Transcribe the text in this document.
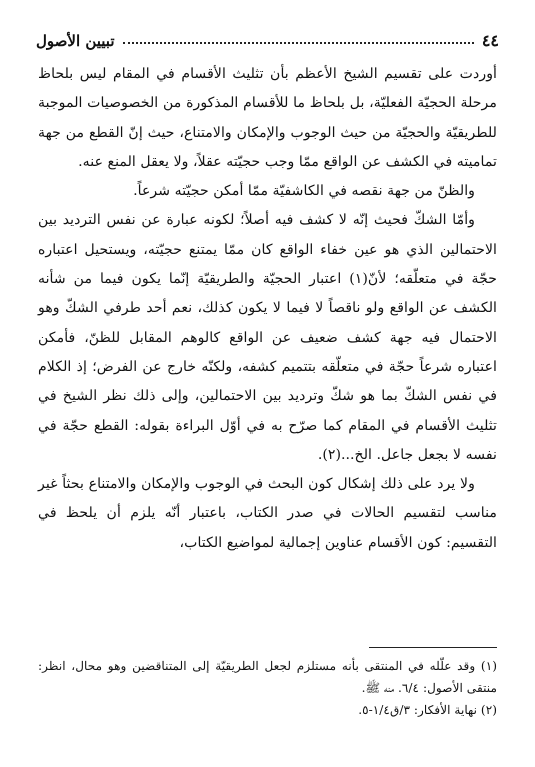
٤٤
تبيين الأصول

أوردت على تقسيم الشيخ الأعظم بأن تثليث الأقسام في المقام ليس بلحاظ مرحلة الحجيّة الفعليّة، بل بلحاظ ما للأقسام المذكورة من الخصوصيات الموجبة للطريقيّة والحجيّة من حيث الوجوب والإمكان والامتناع، حيث إنّ القطع من جهة تماميته في الكشف عن الواقع ممّا وجب حجيّته عقلاً، ولا يعقل المنع عنه.

والظنّ من جهة نقصه في الكاشفيّة ممّا أمكن حجيّته شرعاً.

وأمّا الشكّ فحيث إنّه لا كشف فيه أصلاً؛ لكونه عبارة عن نفس الترديد بين الاحتمالين الذي هو عين خفاء الواقع كان ممّا يمتنع حجيّته، ويستحيل اعتباره حجّة في متعلّقه؛ لأنّ(١) اعتبار الحجيّة والطريقيّة إنّما يكون فيما من شأنه الكشف عن الواقع ولو ناقصاً لا فيما لا يكون كذلك، نعم أحد طرفي الشكّ وهو الاحتمال فيه جهة كشف ضعيف عن الواقع كالوهم المقابل للظنّ، فأمكن اعتباره شرعاً حجّة في متعلّقه بتتميم كشفه، ولكنّه خارج عن الفرض؛ إذ الكلام في نفس الشكّ بما هو شكّ وترديد بين الاحتمالين، وإلى ذلك نظر الشيخ في تثليث الأقسام في المقام كما صرّح به في أوّل البراءة بقوله: القطع حجّة في نفسه لا بجعل جاعل. الخ...(٢).

ولا يرد على ذلك إشكال كون البحث في الوجوب والإمكان والامتناع بحثاً غير مناسب لتقسيم الحالات في صدر الكتاب، باعتبار أنّه يلزم أن يلحظ في التقسيم: كون الأقسام عناوين إجمالية لمواضيع الكتاب،

(١) وقد علّله في المنتقى بأنه مستلزم لجعل الطريقيّة إلى المتناقضين وهو محال، انظر: منتقى الأصول: ٦/٤. منه ﷺ.

(٢) نهاية الأفكار: ٣/ق١/٤-٥.
